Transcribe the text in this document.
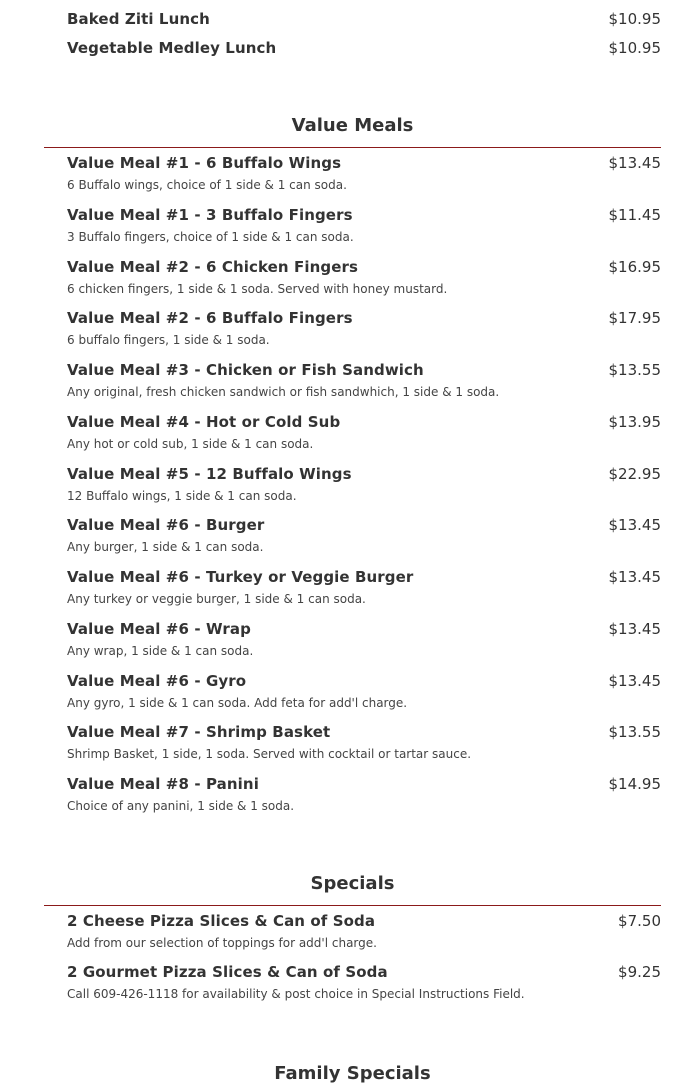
Baked Ziti Lunch	$10.95
Vegetable Medley Lunch	$10.95
Value Meals
Value Meal #1 - 6 Buffalo Wings	$13.45
6 Buffalo wings, choice of 1 side & 1 can soda.
Value Meal #1 - 3 Buffalo Fingers	$11.45
3 Buffalo fingers, choice of 1 side & 1 can soda.
Value Meal #2 - 6 Chicken Fingers	$16.95
6 chicken fingers, 1 side & 1 soda. Served with honey mustard.
Value Meal #2 - 6 Buffalo Fingers	$17.95
6 buffalo fingers, 1 side & 1 soda.
Value Meal #3 - Chicken or Fish Sandwich	$13.55
Any original, fresh chicken sandwich or fish sandwhich, 1 side & 1 soda.
Value Meal #4 - Hot or Cold Sub	$13.95
Any hot or cold sub, 1 side & 1 can soda.
Value Meal #5 - 12 Buffalo Wings	$22.95
12 Buffalo wings, 1 side & 1 can soda.
Value Meal #6 - Burger	$13.45
Any burger, 1 side & 1 can soda.
Value Meal #6 - Turkey or Veggie Burger	$13.45
Any turkey or veggie burger, 1 side & 1 can soda.
Value Meal #6 - Wrap	$13.45
Any wrap, 1 side & 1 can soda.
Value Meal #6 - Gyro	$13.45
Any gyro, 1 side & 1 can soda. Add feta for add'l charge.
Value Meal #7 - Shrimp Basket	$13.55
Shrimp Basket, 1 side, 1 soda. Served with cocktail or tartar sauce.
Value Meal #8 - Panini	$14.95
Choice of any panini, 1 side & 1 soda.
Specials
2 Cheese Pizza Slices & Can of Soda	$7.50
Add from our selection of toppings for add'l charge.
2 Gourmet Pizza Slices & Can of Soda	$9.25
Call 609-426-1118 for availability & post choice in Special Instructions Field.
Family Specials
